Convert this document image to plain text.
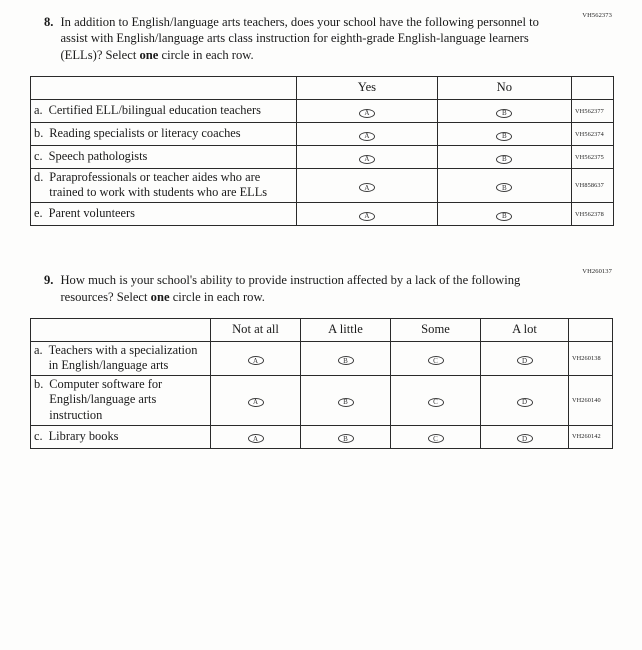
VH562373
8. In addition to English/language arts teachers, does your school have the following personnel to assist with English/language arts class instruction for eighth-grade English-language learners (ELLs)? Select one circle in each row.
	Yes	No	

a. Certified ELL/bilingual education teachers	A	B	VH562377

b. Reading specialists or literacy coaches	A	B	VH562374

c. Speech pathologists	A	B	VH562375

d. Paraprofessionals or teacher aides who are trained to work with students who are ELLs	A	B	VH858637

e. Parent volunteers	A	B	VH562378
VH260137
9. How much is your school's ability to provide instruction affected by a lack of the following resources? Select one circle in each row.
	Not at all	A little	Some	A lot	

a. Teachers with a specialization in English/language arts	A	B	C	D	VH260138

b. Computer software for English/language arts instruction	A	B	C	D	VH260140

c. Library books	A	B	C	D	VH260142
